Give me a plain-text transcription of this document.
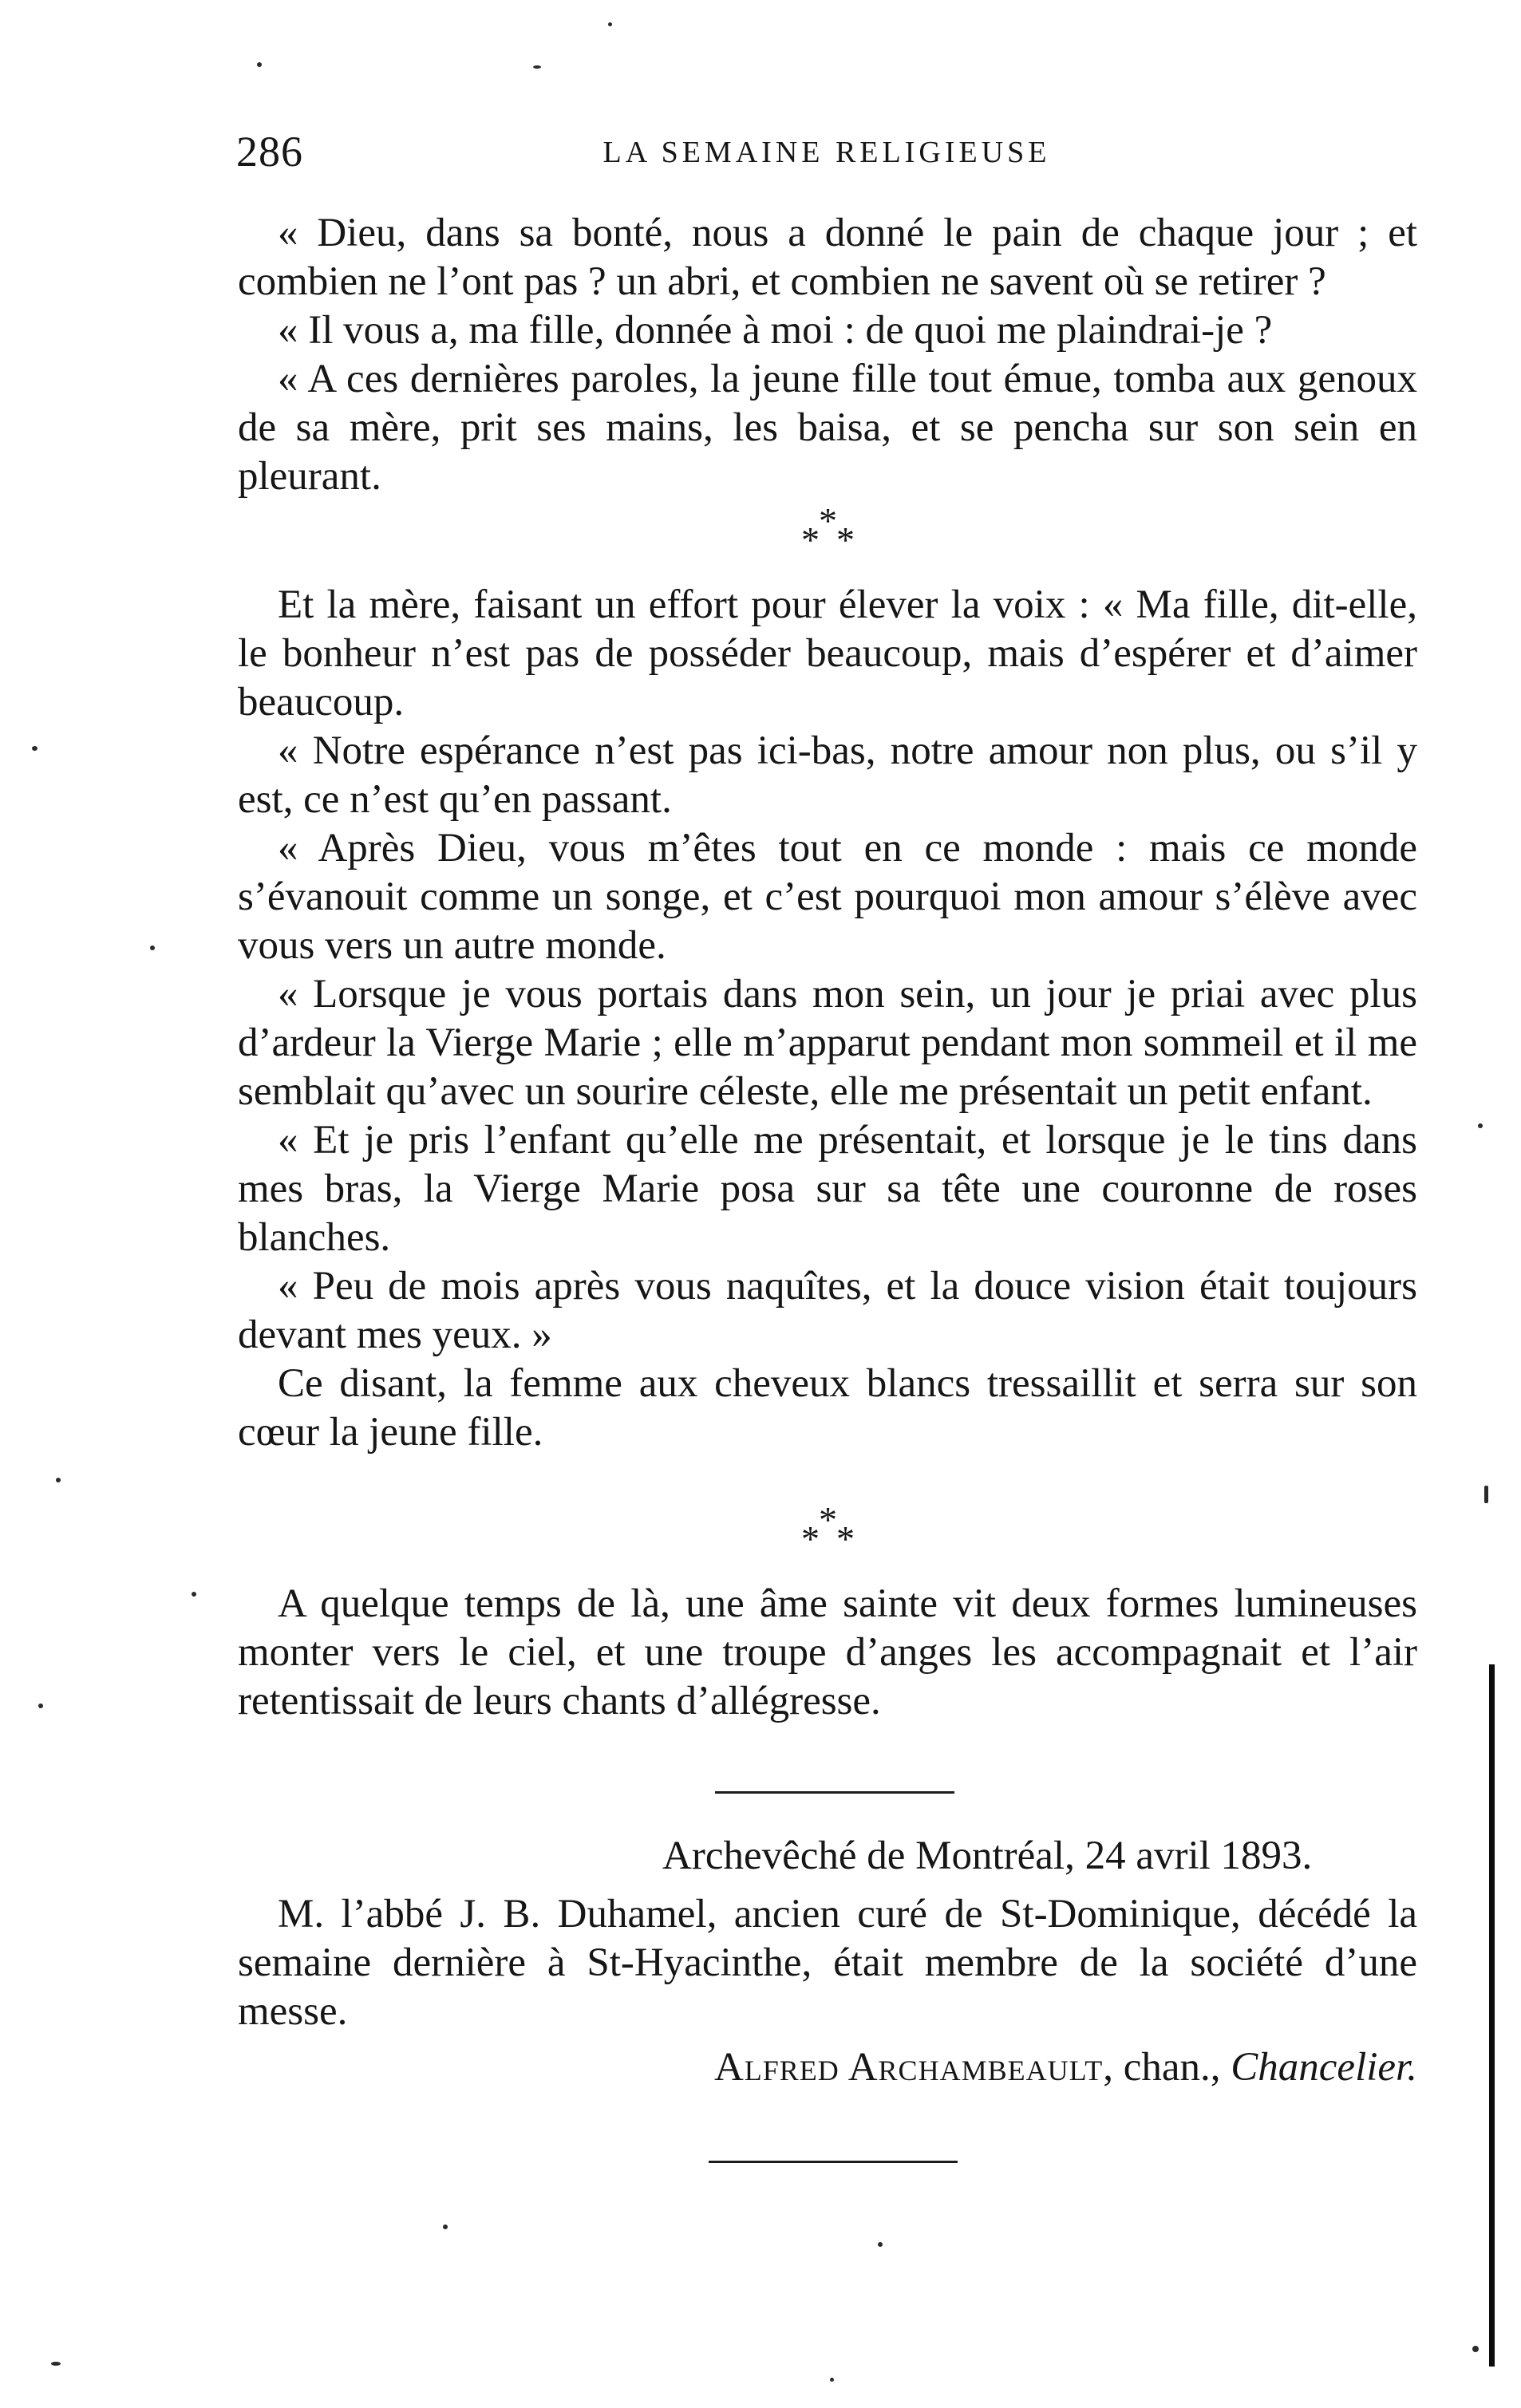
286	LA SEMAINE RELIGIEUSE

« Dieu, dans sa bonté, nous a donné le pain de chaque jour ; et combien ne l’ont pas ? un abri, et combien ne savent où se retirer ?

« Il vous a, ma fille, donnée à moi : de quoi me plaindrai-je ?

« A ces dernières paroles, la jeune fille tout émue, tomba aux genoux de sa mère, prit ses mains, les baisa, et se pencha sur son sein en pleurant.

*
* *

Et la mère, faisant un effort pour élever la voix : « Ma fille, dit-elle, le bonheur n’est pas de posséder beaucoup, mais d’espérer et d’aimer beaucoup.

« Notre espérance n’est pas ici-bas, notre amour non plus, ou s’il y est, ce n’est qu’en passant.

« Après Dieu, vous m’êtes tout en ce monde : mais ce monde s’évanouit comme un songe, et c’est pourquoi mon amour s’élève avec vous vers un autre monde.

« Lorsque je vous portais dans mon sein, un jour je priai avec plus d’ardeur la Vierge Marie ; elle m’apparut pendant mon sommeil et il me semblait qu’avec un sourire céleste, elle me présentait un petit enfant.

« Et je pris l’enfant qu’elle me présentait, et lorsque je le tins dans mes bras, la Vierge Marie posa sur sa tête une couronne de roses blanches.

« Peu de mois après vous naquîtes, et la douce vision était toujours devant mes yeux. »

Ce disant, la femme aux cheveux blancs tressaillit et serra sur son cœur la jeune fille.

*
* *

A quelque temps de là, une âme sainte vit deux formes lumineuses monter vers le ciel, et une troupe d’anges les accompagnait et l’air retentissait de leurs chants d’allégresse.

Archevêché de Montréal, 24 avril 1893.

M. l’abbé J. B. Duhamel, ancien curé de St-Dominique, décédé la semaine dernière à St-Hyacinthe, était membre de la société d’une messe.

Alfred Archambeault, chan., Chancelier.
